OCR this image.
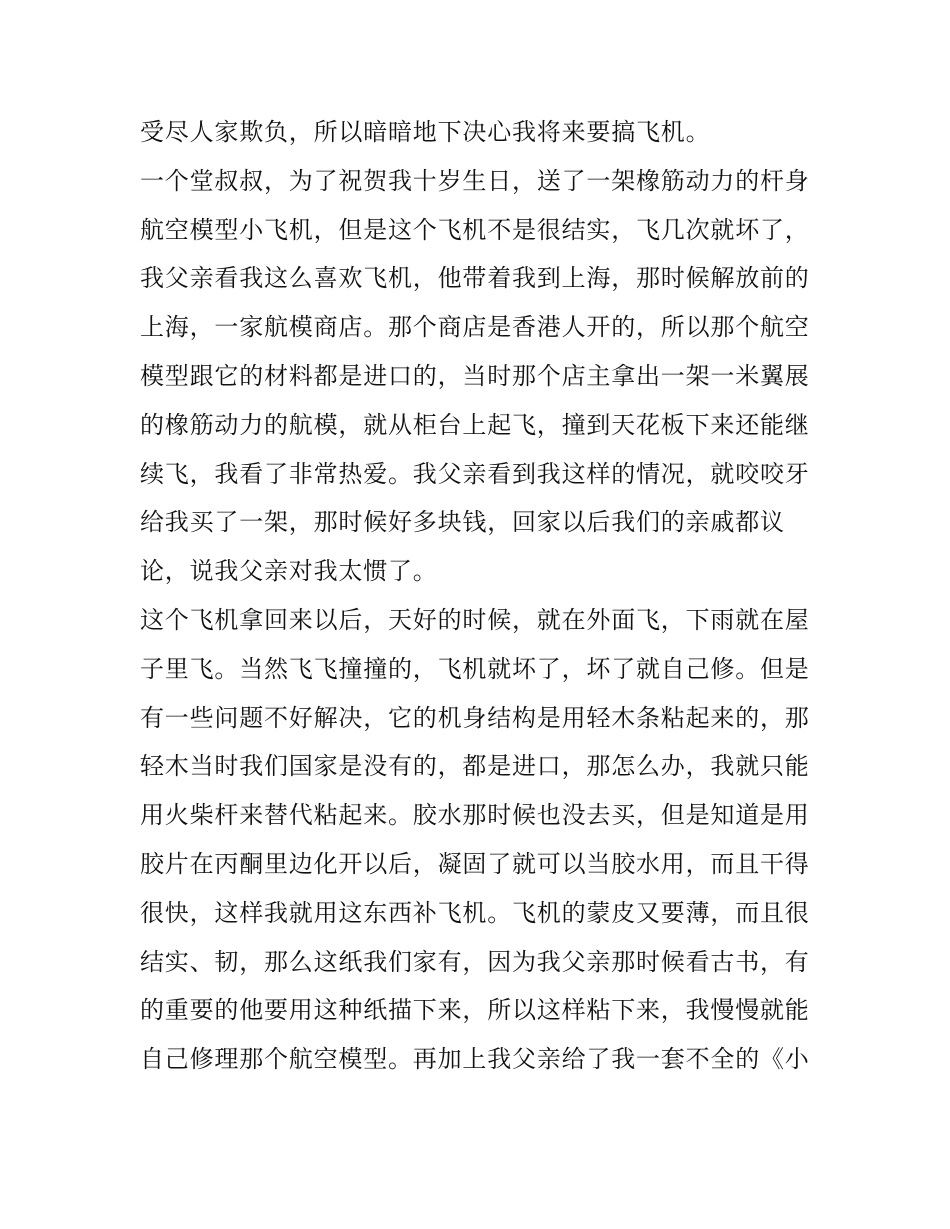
受尽人家欺负，所以暗暗地下决心我将来要搞飞机。
一个堂叔叔，为了祝贺我十岁生日，送了一架橡筋动力的杆身
航空模型小飞机，但是这个飞机不是很结实，飞几次就坏了，
我父亲看我这么喜欢飞机，他带着我到上海，那时候解放前的
上海，一家航模商店。那个商店是香港人开的，所以那个航空
模型跟它的材料都是进口的，当时那个店主拿出一架一米翼展
的橡筋动力的航模，就从柜台上起飞，撞到天花板下来还能继
续飞，我看了非常热爱。我父亲看到我这样的情况，就咬咬牙
给我买了一架，那时候好多块钱，回家以后我们的亲戚都议
论，说我父亲对我太惯了。
这个飞机拿回来以后，天好的时候，就在外面飞，下雨就在屋
子里飞。当然飞飞撞撞的，飞机就坏了，坏了就自己修。但是
有一些问题不好解决，它的机身结构是用轻木条粘起来的，那
轻木当时我们国家是没有的，都是进口，那怎么办，我就只能
用火柴杆来替代粘起来。胶水那时候也没去买，但是知道是用
胶片在丙酮里边化开以后，凝固了就可以当胶水用，而且干得
很快，这样我就用这东西补飞机。飞机的蒙皮又要薄，而且很
结实、韧，那么这纸我们家有，因为我父亲那时候看古书，有
的重要的他要用这种纸描下来，所以这样粘下来，我慢慢就能
自己修理那个航空模型。再加上我父亲给了我一套不全的《小
